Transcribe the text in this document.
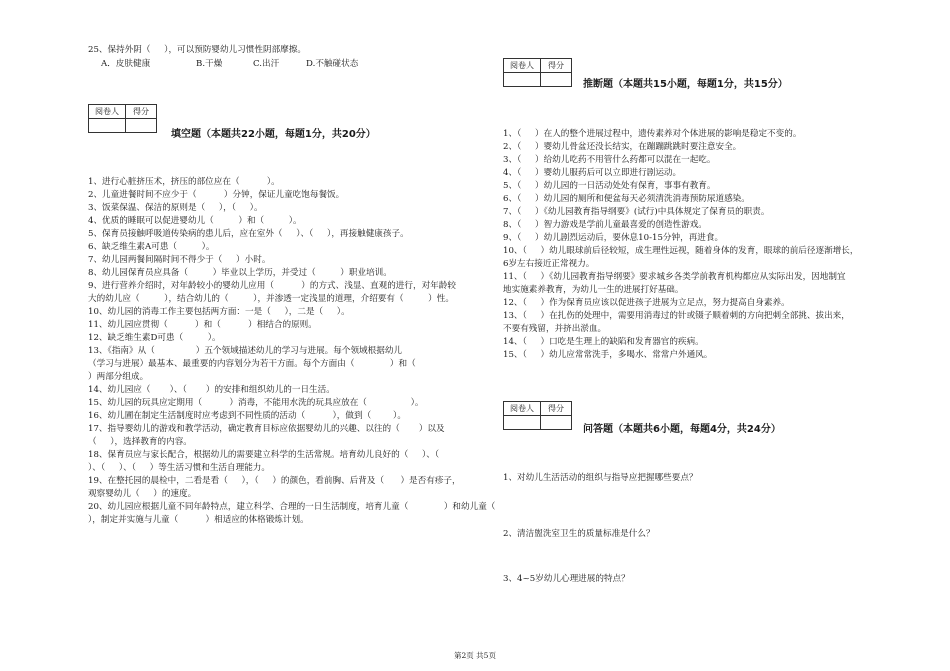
25、保持外阴（     ），可以预防婴幼儿习惯性阴部摩擦。
A．皮肤健康	B.干燥	C.出汗	D.不触碰状态
阅卷人	得分

填空题（本题共22小题，每题1分，共20分）
1、进行心脏挤压术，挤压的部位应在（          ）。
2、儿童进餐时间不应少于（          ）分钟，保证儿童吃饱每餐饭。
3、饭菜保温、保洁的原则是（     ），（     ）。
4、优质的睡眠可以促进婴幼儿（         ）和（         ）。
5、保育员接触呼吸道传染病的患儿后，应在室外（     ）、（     ），再接触健康孩子。
6、缺乏维生素A可患（         ）。
7、幼儿园两餐间隔时间不得少于（     ）小时。
8、幼儿园保育员应具备（         ）毕业以上学历，并受过（         ）职业培训。
9、进行营养介绍时，对年龄较小的婴幼儿应用（          ）的方式、浅显、直观的进行，对年龄较
大的幼儿应（         ），结合幼儿的（         ），并渗透一定浅显的道理，介绍要有（         ）性。
10、幼儿园的消毒工作主要包括两方面：一是（     ），二是（     ）。
11、幼儿园应贯彻（          ）和（          ）相结合的原则。
12、缺乏维生素D可患（         ）。
13、《指南》从（               ）五个领域描述幼儿的学习与进展。每个领域根据幼儿
（学习与进展）最基本、最重要的内容划分为若干方面。每个方面由（             ）和（
）两部分组成。
14、幼儿园应（       ）、（       ）的安排和组织幼儿的一日生活。
15、幼儿园的玩具应定期用（          ）消毒，不能用水洗的玩具应放在（                ）。
16、幼儿圃在制定生活制度时应考虑到不同性质的活动（          ），做到（        ）。
17、指导婴幼儿的游戏和教学活动，确定教育目标应依据婴幼儿的兴趣、以往的（       ）以及
（     ），选择教育的内容。
18、保育员应与家长配合，根据幼儿的需要建立科学的生活常规。培育幼儿良好的（     ）、（
）、（     ）、（     ）等生活习惯和生活自理能力。
19、在整托园的晨检中，二看是看（     ），（     ）的颜色，看前胸、后背及（      ）是否有疹子，
观察婴幼儿（     ）的速度。
20、幼儿园应根据儿童不同年龄特点，建立科学、合理的一日生活制度，培育儿童（             ）和幼儿童（
），制定并实施与儿童（          ）相适应的体格锻炼计划。
阅卷人	得分

推断题（本题共15小题，每题1分，共15分）
1、（     ）在人的整个进展过程中，遗传素养对个体进展的影响是稳定不变的。
2、（     ）婴幼儿骨盆还没长结实，在蹦蹦跳跳时要注意安全。
3、（     ）给幼儿吃药不用管什么药都可以混在一起吃。
4、（     ）婴幼儿服药后可以立即进行剧运动。
5、（     ）幼儿园的一日活动处处有保育，事事有教育。
6、（     ）幼儿园的厕所和便盆每天必须清洗消毒预防尿道感染。
7、（     ）《幼儿园教育指导纲要》(试行)中具体规定了保育员的职责。
8、（     ）智力游戏是学前儿童最喜爱的创造性游戏。
9、（     ）幼儿剧烈运动后，要休息10-15分钟，再进食。
10、（     ）幼儿眼球前后径较短，成生理性远视，随着身体的发育，眼球的前后径逐渐增长，
6岁左右接近正常视力。
11、（     ）《幼儿园教育指导纲要》要求城乡各类学前教育机构都应从实际出发，因地制宜
地实施素养教育，为幼儿一生的进展打好基础。
12、（     ）作为保育员应该以促进孩子进展为立足点，努力提高自身素养。
13、（     ）在扎伤的处理中，需要用消毒过的针或镊子顺着刺的方向把刺全部挑、拔出来，
不要有残留，并挤出淤血。
14、（     ）口吃是生理上的缺陷和发育器官的疾病。
15、（     ）幼儿应常常洗手，多喝水、常常户外通风。
阅卷人	得分

问答题（本题共6小题，每题4分，共24分）
1、对幼儿生活活动的组织与指导应把握哪些要点？
2、清洁盥洗室卫生的质量标准是什么？
3、4~5岁幼儿心理进展的特点？
第2页 共5页
